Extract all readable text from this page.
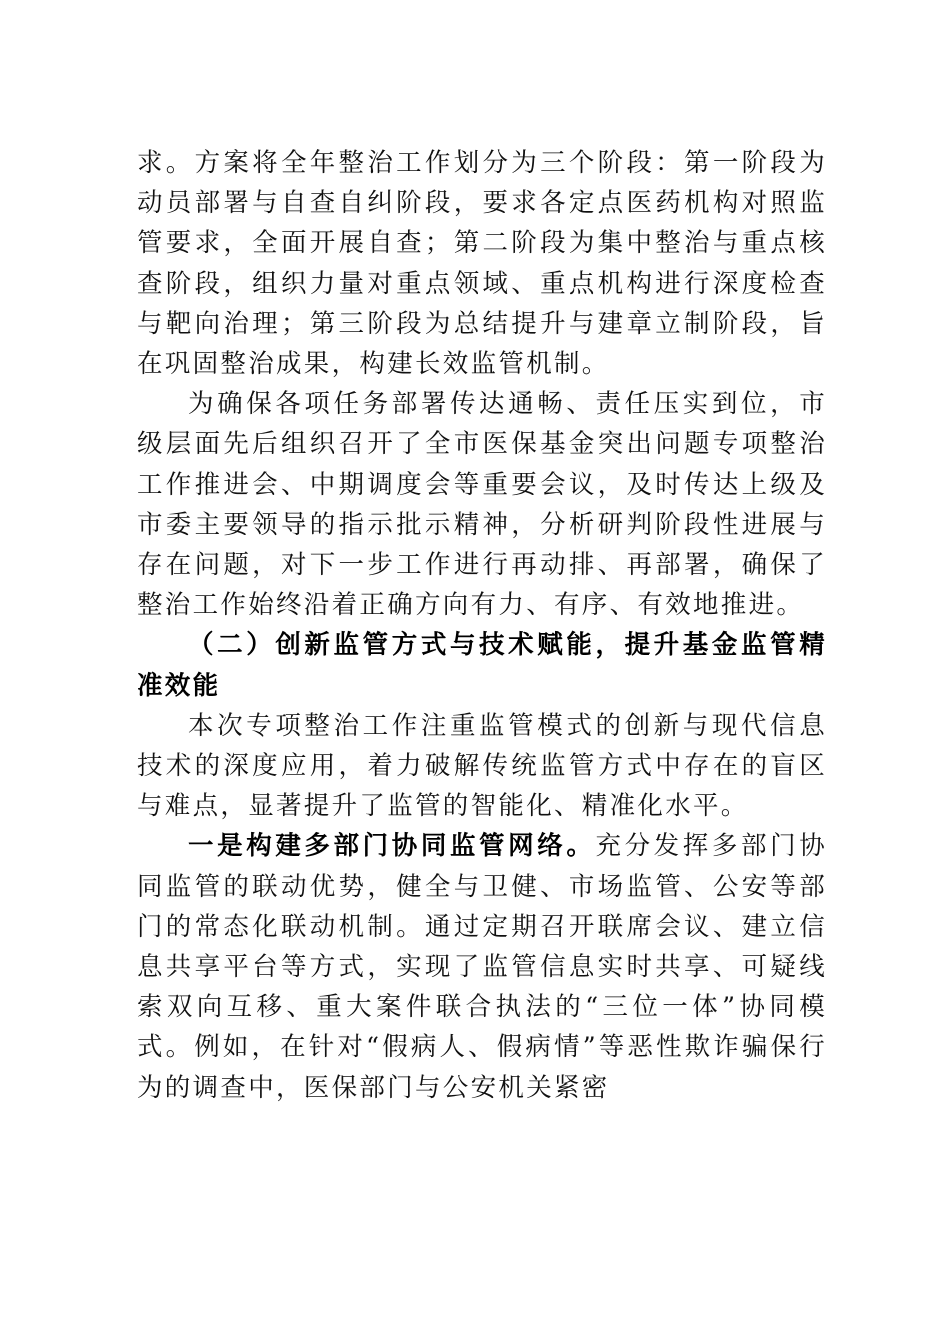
求。方案将全年整治工作划分为三个阶段：第一阶段为动员部署与自查自纠阶段，要求各定点医药机构对照监管要求，全面开展自查；第二阶段为集中整治与重点核查阶段，组织力量对重点领域、重点机构进行深度检查与靶向治理；第三阶段为总结提升与建章立制阶段，旨在巩固整治成果，构建长效监管机制。

为确保各项任务部署传达通畅、责任压实到位，市级层面先后组织召开了全市医保基金突出问题专项整治工作推进会、中期调度会等重要会议，及时传达上级及市委主要领导的指示批示精神，分析研判阶段性进展与存在问题，对下一步工作进行再动排、再部署，确保了整治工作始终沿着正确方向有力、有序、有效地推进。

（二）创新监管方式与技术赋能，提升基金监管精准效能

本次专项整治工作注重监管模式的创新与现代信息技术的深度应用，着力破解传统监管方式中存在的盲区与难点，显著提升了监管的智能化、精准化水平。

一是构建多部门协同监管网络。充分发挥多部门协同监管的联动优势，健全与卫健、市场监管、公安等部门的常态化联动机制。通过定期召开联席会议、建立信息共享平台等方式，实现了监管信息实时共享、可疑线索双向互移、重大案件联合执法的“三位一体”协同模式。例如，在针对“假病人、假病情”等恶性欺诈骗保行为的调查中，医保部门与公安机关紧密
